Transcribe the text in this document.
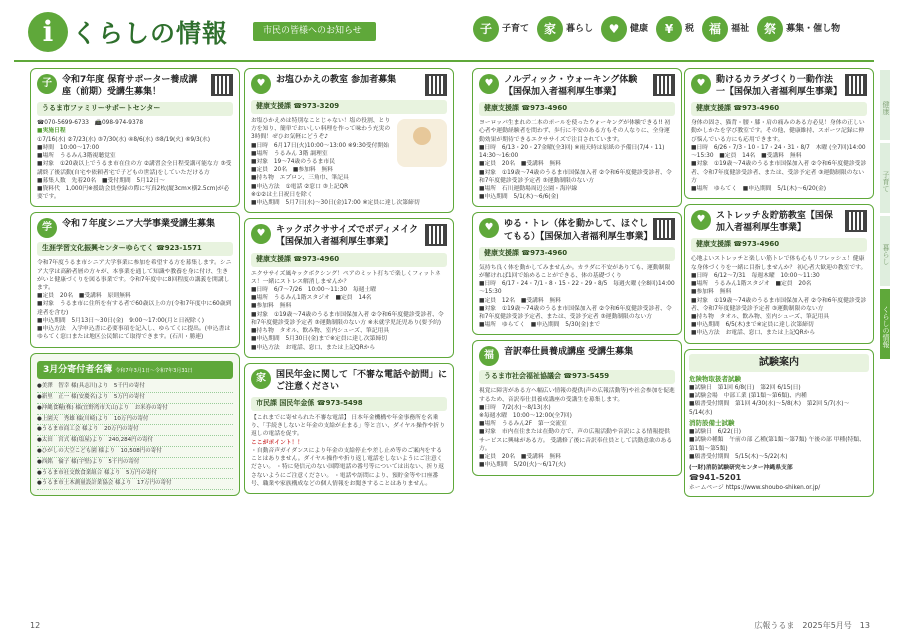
i くらしの情報	市民の皆様へのお知らせ	子	子育て	家	暮らし	♥	健康	¥	税	福	福祉	祭	募集・催し物
子	令和7年度 保育サポーター養成講座（前期）受講生募集！
うるま市ファミリーサポートセンター
☎070-5699-6733　📠098-974-9378
■実施日程
①7/16(水) ②7/23(水) ③7/30(水) ④8/6(水) ⑤8/19(火) ⑥9/3(水)
■時間　10:00～17:00
■場所　うるみん3階視聴覚室
■対象　①20歳以上でうるま市在住の方 ②講習会全日程受講可能な方 ③受講終了後活動(自宅や依頼者宅で子どもの世話)をしていただける方
■募集人数　先着20名　■受付期間　5月12日～
■資料代　1,000円※援助会員登録の際に写真2枚(縦3cm×横2.5cm)が必要です。
学	令和７年度シニア大学事業受講生募集
生涯学習文化振興センターゆらてく ☎923-1571
令和7年度うるま市シニア大学事業に参加を希望する方を募集します。シニア大学は高齢者層の方々が、本事業を通して知識や教養を身に付け、生きがいと健康づくりを図る事業です。令和7年度中に8回程度の講義を開講します。
■定員　20名　■受講料　原則無料
■対象　うるま市に住所を有する者で60歳以上の方(令和7年度中に60歳到達者を含む)
■申込期間　5月13日～30日(金)　9:00～17:00(月と日祝除く)
■申込方法　入学申込書に必要事項を記入し、ゆらてくに提出。(申込書はゆらてく窓口または地区公民館にて取得できます。(石川・勝連)
3月分寄付者名簿 令和7年3月1日～令和7年3月31日
●美澤　智幸 様(具志川)より　5千円の寄付
●新里　正一 様(安慶名)より　5万円の寄付
●沖縄食糧(株) 様(宜野湾市大山)より　お米券の寄付
●上園天　秀雄 様(川崎)より　10万円の寄付
●うるま市商工会 様より　20万円の寄付
●太田　宮式 様(塩屋)より　240,284円の寄付
●ひがしの大空こども園 様より　10,508円の寄付
●西銘　倫子 様(宇堅)より　5千円の寄付
●うるま市社交飲食業組合 様より　5万円の寄付
●うるま市土木測量設計業協会 様より　17万円の寄付
♥	お塩ひかえの教室 参加者募集
健康支援課 ☎973-3209
お塩ひかえめは特別なことじゃない！塩の役割、とり方を知り、簡単でおいしい料理を作って味わう充実の3時間！ぜひお気軽にどうぞ♪
■日時　6月17日(火)10:00～13:00 ※9:30受付開始
■場所　うるみん 3階 調理室
■対象　19～74歳のうるま市民
■定員　20名　■参加料　無料
■持ち物　エプロン、三角巾、筆記具
■申込方法　①電話 ②窓口 ③上記QR
※①②は土日祝日を除く
■申込期間　5月7日(水)～30日(金)17:00 ※定員に達し次第締切
♥	キックボクササイズでボディメイク【国保加入者福利厚生事業】
健康支援課 ☎973-4960
エクササイズ風キックボクシング！ペアのミット打ちで楽しくフィットネス！一緒にストレス解消しませんか？
■日時　6/7～7/26　10:00～11:30　毎週土曜
■場所　うるみん1階スタジオ　■定員　14名
■参加料　無料
■対象　①19歳～74歳のうるま市国保加入者 ②令和6年度健診受診者、令和7年度健診受診予定者 ③運動制限のない方 ※未就学児託児あり(要予約)
■持ち物　タオル、飲み物、室内シューズ、筆記用具
■申込期間　5月30日(金)まで※定員に達し次第締切
■申込方法　お電話、窓口、または上記QRから
家	国民年金に関して「不審な電話や訪問」にご注意ください
市民課 国民年金係 ☎973-5498
【これまでに寄せられた不審な電話】 日本年金機構や年金事務所を名乗り、「手続きしないと年金の支給が止まる」等と言い、ダイヤル操作や折り返しの電話を促す。
ここがポイント！！
・自動音声ガイダンスにより年金の支給停止や差し止め等のご案内をすることはありません。ダイヤル操作や折り返し電話をしないようにご注意ください。 ・特に発信元のない国際電話の番号等については出ない、折り返さないようにご注意ください。 ・電話や訪問により、預貯金等や口座番号、職業や家族構成などの個人情報をお聞きすることはありません。
♥	ノルディック・ウォーキング体験【国保加入者福利厚生事業】
健康支援課 ☎973-4960
ヨーロッパ生まれの二本のポールを使ったウォーキングが体験できる!! 初心者や運動経験者を問わず、歩行に不安のある方もその人なりに、全身運動効果が期待できるエクササイズで注目されています。
■日時　6/13・20・27金曜(全3回) ※雨天時は原紙の予備日(7/4・11)　14:30～16:00
■定員　20名　■受講料　無料
■対象　①19歳～74歳のうるま市国保加入者 ②令和6年度健診受診者、令和7年度健診受診予定者 ③運動制限のない方
■場所　石川運動場周辺公園・海岸線
■申込期間　5/1(木)～6/6(金)
♥	ゆる・トレ（体を動かして、ほぐしてもる）【国保加入者福利厚生事業】
健康支援課 ☎973-4960
気持ち良く体を動かしてみませんか。カラダに不安がありても、運動制限が解ければ1回で始めることができる、体の基礎づくり
■日時　6/17・24・7/1・8・15・22・29・8/5　毎週火曜 (全8回)14:00～15:30
■定員　12名　■受講料　無料
■対象　①19歳～74歳のうるま市国保加入者 ②令和6年度健診受診者、令和7年度健診受診予定者、または、受診予定者 ③運動制限のない方
■場所　ゆらてく　■申込期間　5/30(金)まで
福	音訳奉仕員養成講座 受講生募集
うるま市社会福祉協議会 ☎973-5459
視覚に障害がある方へ幅広い情報の提供(声の広報活動等)や社会参加を促進するため、音訳奉仕員養成講座の受講生を募集します。
■日時　7/2(水)～8/13(水)
※毎週水曜　10:00～12:00(全7回)
■場所　うるみん2F　第一交流室
■対象　市内在住または在勤の方で、声の広報活動や音訳による情報提供サービスに興味がある方。 受講修了後に音訳奉仕員として活動意欲のある方。
■定員　20名　■受講料　無料
■申込期間　5/20(火)～6/17(火)
♥	動けるカラダづくり一動作法一【国保加入者福利厚生事業】
健康支援課 ☎973-4960
身体の固さ、猫背・腰・膝・肩の痛みのある方必見！身体の正しい動かしかたを学び教室です。その他、健康維持、スポーツ記録に伸び悩んでいる方にも応用できます。
■日時　6/26・7/3・10・17・24・31・8/7　木曜 (全7回)14:00～15:30　■定員　14名　■受講料　無料
■対象　①19歳～74歳のうるま市国保加入者 ②令和6年度健診受診者、令和7年度健診受診者、または、受診予定者 ③運動制限のない方
■場所　ゆらてく　■申込期間　5/1(木)～6/20(金)
♥	ストレッチ＆貯筋教室【国保加入者福利厚生事業】
健康支援課 ☎973-4960
心地よいストレッチと楽しい筋トレで体も心もリフレッシュ！健康な身体づくりを一緒に目指しませんか？ 初心者大歓迎の教室です。
■日時　6/12～7/31　毎週木曜　10:00～11:30
■場所　うるみん1階スタジオ　■定員　20名
■参加料　無料
■対象　①19歳～74歳のうるま市国保加入者 ②令和6年度健診受診者、令和7年度健診受診予定者 ③運動制限のない方
■持ち物　タオル、飲み物、室内シューズ、筆記用具
■申込期間　6/5(木)まで※定員に達し次第締切
■申込方法　お電話、窓口、または上記QRから
試験案内
危険物取扱者試験
■試験日　第1回 6/8(日)　第2回 6/15(日)
■試験会場　中部工業 (第1類～第6類)、内種
■願書受付期間　第1回 4/30(水)～5/8(木)　第2回 5/7(水)～5/14(水)
消防設備士試験
■試験日　6/22(日)
■試験の種類　午前の部 乙種(第1類～第7類) 午後の部 甲種(特類、第1類～第5類)
■願書受付期間　5/15(木)～5/22(木)
(一財)消防試験研究センター沖縄県支部
☎941-5201
ホームページ https://www.shoubo-shiken.or.jp/
健康
子育て
暮らし
くらしの情報
12	広報うるま　2025年5月号　13
